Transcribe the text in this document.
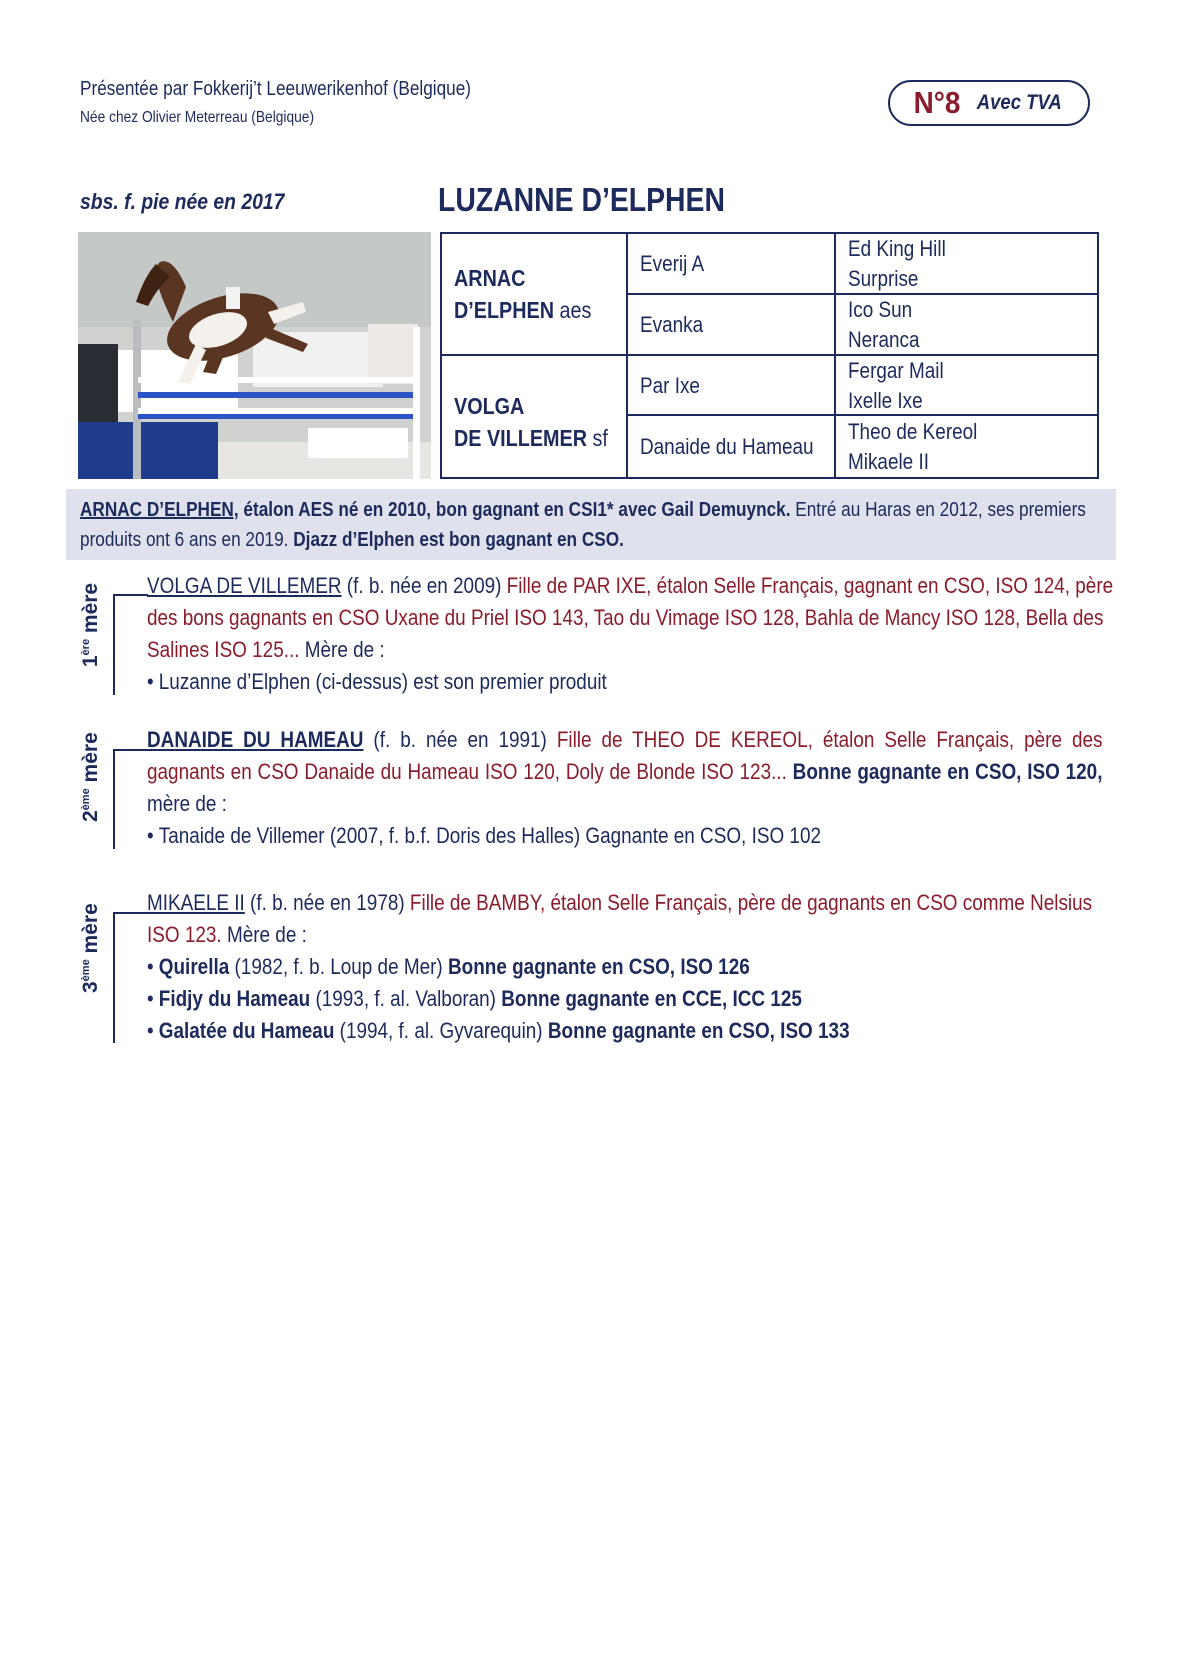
Présentée par Fokkerij’t Leeuwerikenhof (Belgique)
Née chez Olivier Meterreau (Belgique)	N°8 Avec TVA
sbs. f. pie née en 2017	LUZANNE D’ELPHEN
ARNAC
D’ELPHEN aes
VOLGA
DE VILLEMER sf
Everij A
Evanka
Par Ixe
Danaide du Hameau
Ed King Hill
Surprise
Ico Sun
Neranca
Fergar Mail
Ixelle Ixe
Theo de Kereol
Mikaele II
ARNAC D’ELPHEN, étalon AES né en 2010, bon gagnant en CSI1* avec Gail Demuynck. Entré au Haras en 2012, ses premiers produits ont 6 ans en 2019. Djazz d’Elphen est bon gagnant en CSO.
1ère mère VOLGA DE VILLEMER (f. b. née en 2009) Fille de PAR IXE, étalon Selle Français, gagnant en CSO, ISO 124, père des bons gagnants en CSO Uxane du Priel ISO 143, Tao du Vimage ISO 128, Bahla de Mancy ISO 128, Bella des Salines ISO 125... Mère de :

• Luzanne d’Elphen (ci-dessus) est son premier produit

2ème mère DANAIDE DU HAMEAU (f. b. née en 1991) Fille de THEO DE KEREOL, étalon Selle Français, père des gagnants en CSO Danaide du Hameau ISO 120, Doly de Blonde ISO 123... Bonne gagnante en CSO, ISO 120, mère de :

• Tanaide de Villemer (2007, f. b.f. Doris des Halles) Gagnante en CSO, ISO 102

3ème mère

MIKAELE II (f. b. née en 1978) Fille de BAMBY, étalon Selle Français, père de gagnants en CSO comme Nelsius ISO 123. Mère de :

• Quirella (1982, f. b. Loup de Mer) Bonne gagnante en CSO, ISO 126

• Fidjy du Hameau (1993, f. al. Valboran) Bonne gagnante en CCE, ICC 125

• Galatée du Hameau (1994, f. al. Gyvarequin) Bonne gagnante en CSO, ISO 133
